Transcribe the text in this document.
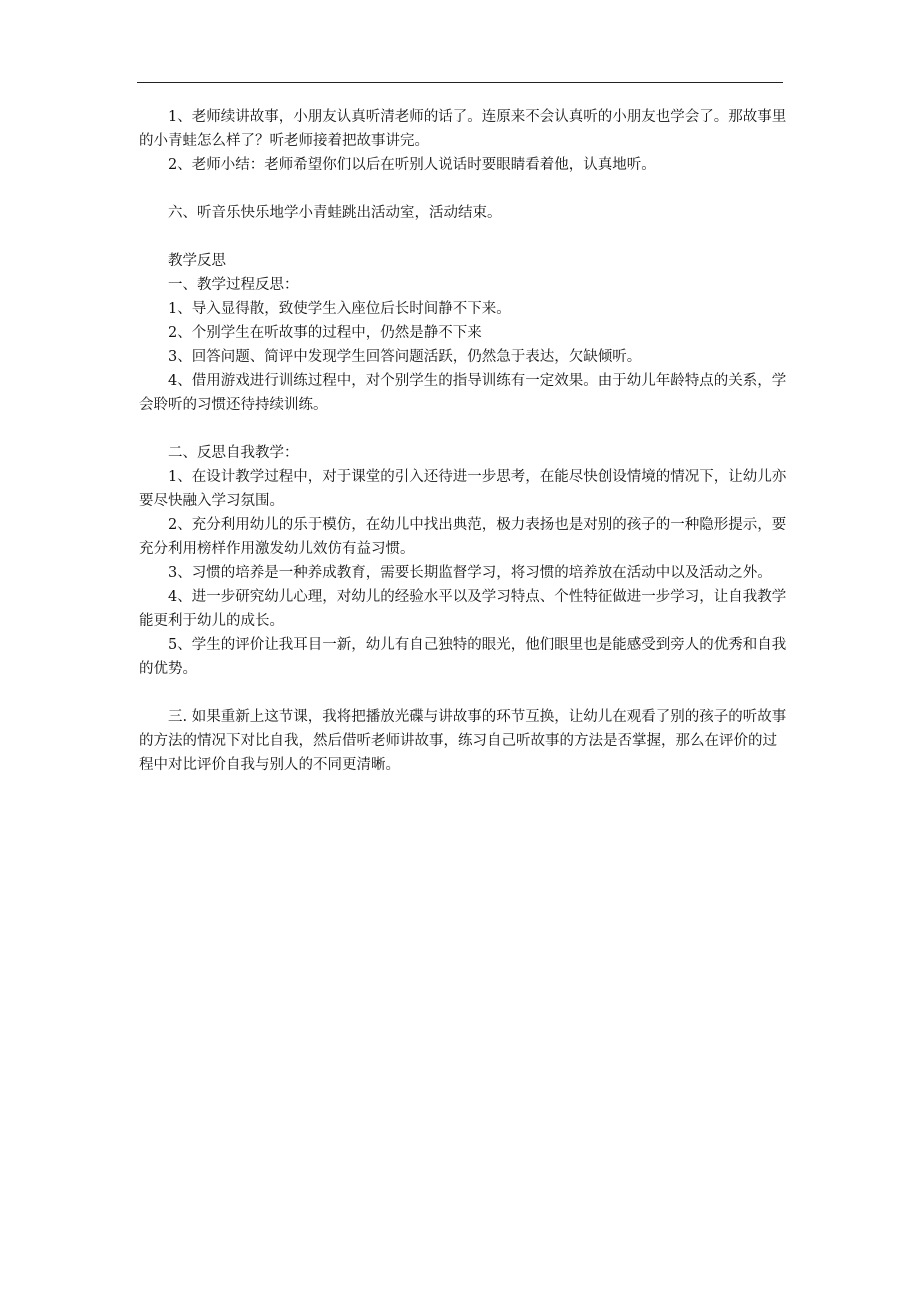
1、老师续讲故事，小朋友认真听清老师的话了。连原来不会认真听的小朋友也学会了。那故事里的小青蛙怎么样了？听老师接着把故事讲完。

2、老师小结：老师希望你们以后在听别人说话时要眼睛看着他，认真地听。

六、听音乐快乐地学小青蛙跳出活动室，活动结束。

教学反思

一、教学过程反思：

1、导入显得散，致使学生入座位后长时间静不下来。

2、个别学生在听故事的过程中，仍然是静不下来

3、回答问题、简评中发现学生回答问题活跃，仍然急于表达，欠缺倾听。

4、借用游戏进行训练过程中，对个别学生的指导训练有一定效果。由于幼儿年龄特点的关系，学会聆听的习惯还待持续训练。

二、反思自我教学：

1、在设计教学过程中，对于课堂的引入还待进一步思考，在能尽快创设情境的情况下，让幼儿亦要尽快融入学习氛围。

2、充分利用幼儿的乐于模仿，在幼儿中找出典范，极力表扬也是对别的孩子的一种隐形提示，要充分利用榜样作用激发幼儿效仿有益习惯。

3、习惯的培养是一种养成教育，需要长期监督学习，将习惯的培养放在活动中以及活动之外。

4、进一步研究幼儿心理，对幼儿的经验水平以及学习特点、个性特征做进一步学习，让自我教学能更利于幼儿的成长。

5、学生的评价让我耳目一新，幼儿有自己独特的眼光，他们眼里也是能感受到旁人的优秀和自我的优势。

三. 如果重新上这节课，我将把播放光碟与讲故事的环节互换，让幼儿在观看了别的孩子的听故事的方法的情况下对比自我，然后借听老师讲故事，练习自己听故事的方法是否掌握，那么在评价的过程中对比评价自我与别人的不同更清晰。
